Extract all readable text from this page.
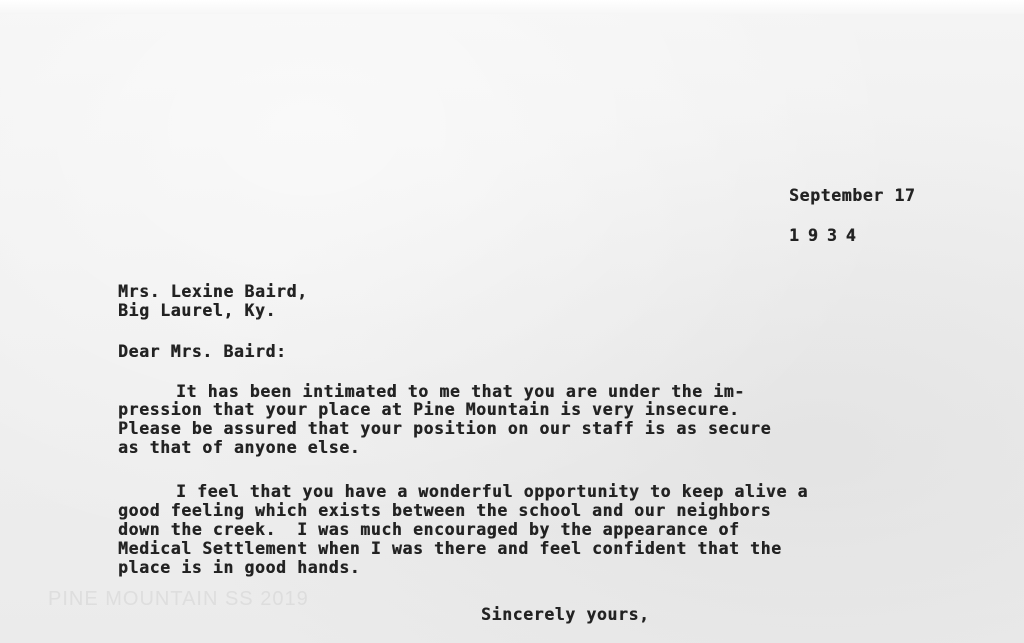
September 17
1934
Mrs. Lexine Baird,
Big Laurel, Ky.
Dear Mrs. Baird:
It has been intimated to me that you are under the im-
pression that your place at Pine Mountain is very insecure.
Please be assured that your position on our staff is as secure
as that of anyone else.
I feel that you have a wonderful opportunity to keep alive a
good feeling which exists between the school and our neighbors
down the creek.  I was much encouraged by the appearance of
Medical Settlement when I was there and feel confident that the
place is in good hands.
Sincerely yours,
PINE MOUNTAIN SS 2019
